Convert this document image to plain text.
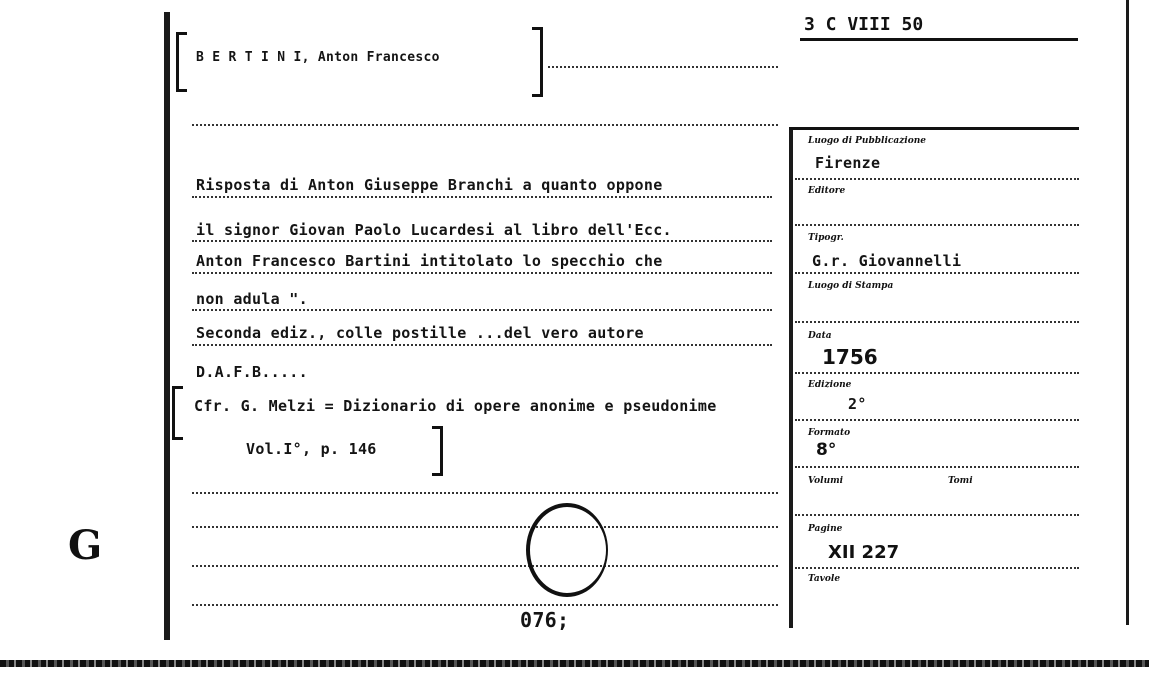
G
3 C VIII 50
B E R T I N I, Anton Francesco
Risposta di Anton Giuseppe Branchi a quanto oppone
il signor Giovan Paolo Lucardesi al libro dell'Ecc.
Anton Francesco Bartini intitolato lo specchio che
non adula ".
Seconda ediz., colle postille ...del vero autore
D.A.F.B.....
Cfr. G. Melzi = Dizionario di opere anonime e pseudonime	2°
Vol.I°, p. 146
076;
Luogo di Pubblicazione
Firenze
Editore
Tipogr.
G.r. Giovannelli
Luogo di Stampa
Data
1756
Edizione
Formato
8°
Volumi	Tomi
Pagine
XII 227
Tavole
